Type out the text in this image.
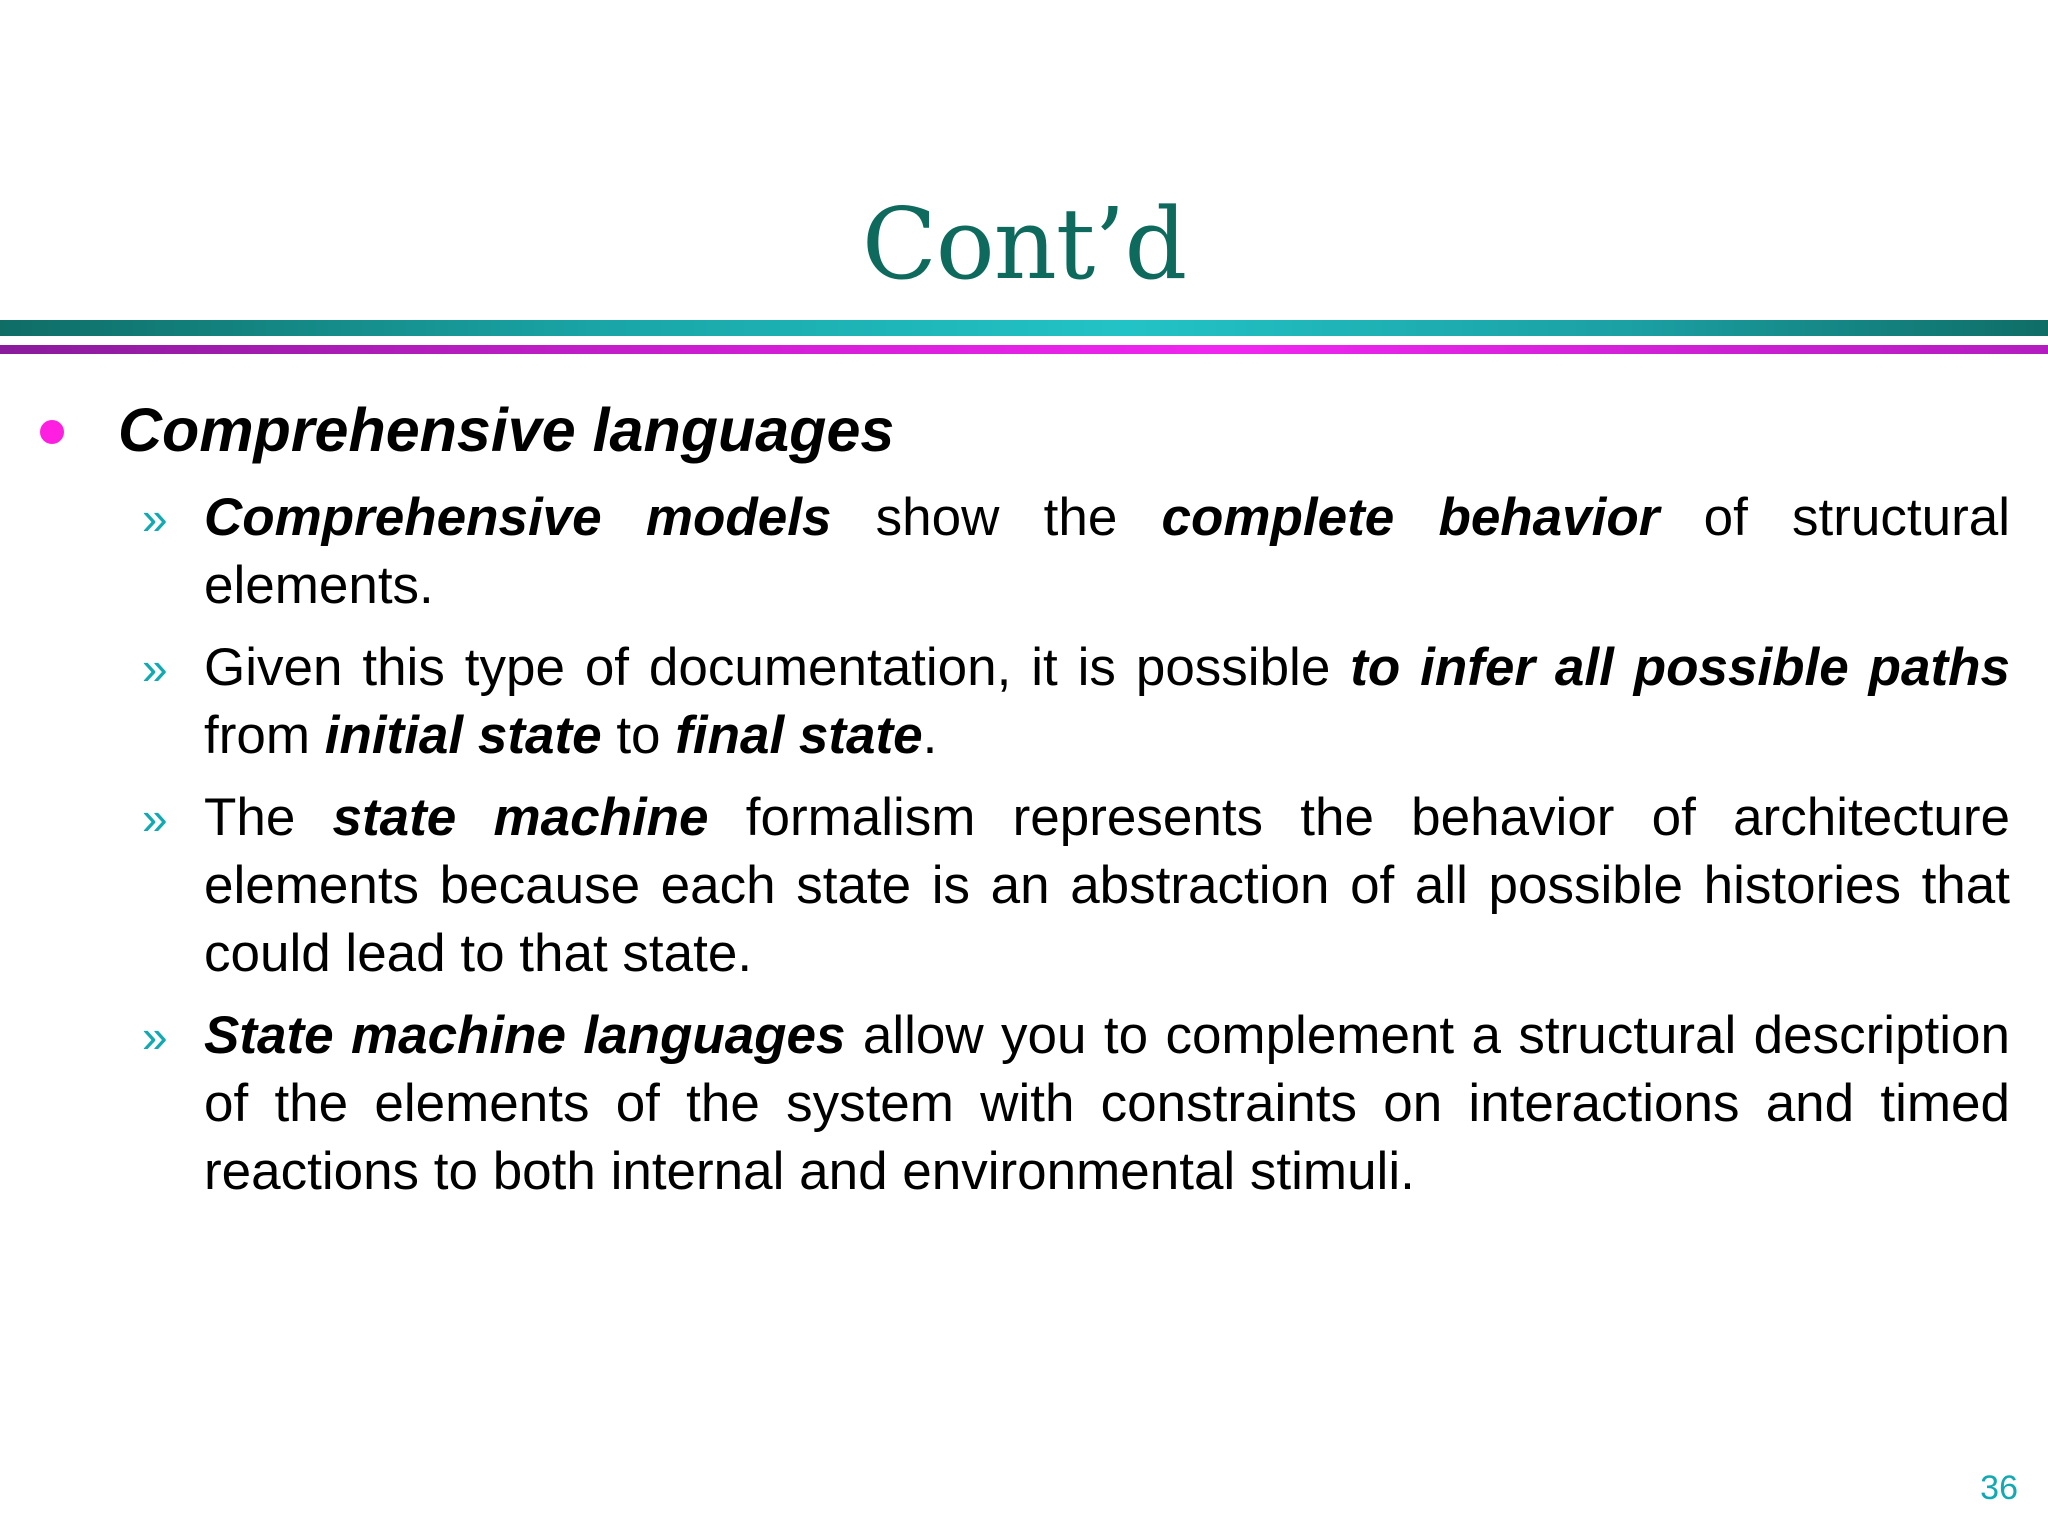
Cont’d
Comprehensive languages
» Comprehensive models show the complete behavior of structural elements.
» Given this type of documentation, it is possible to infer all possible paths from initial state to final state.
» The state machine formalism represents the behavior of architecture elements because each state is an abstraction of all possible histories that could lead to that state.
» State machine languages allow you to complement a structural description of the elements of the system with constraints on interactions and timed reactions to both internal and environmental stimuli.
36
